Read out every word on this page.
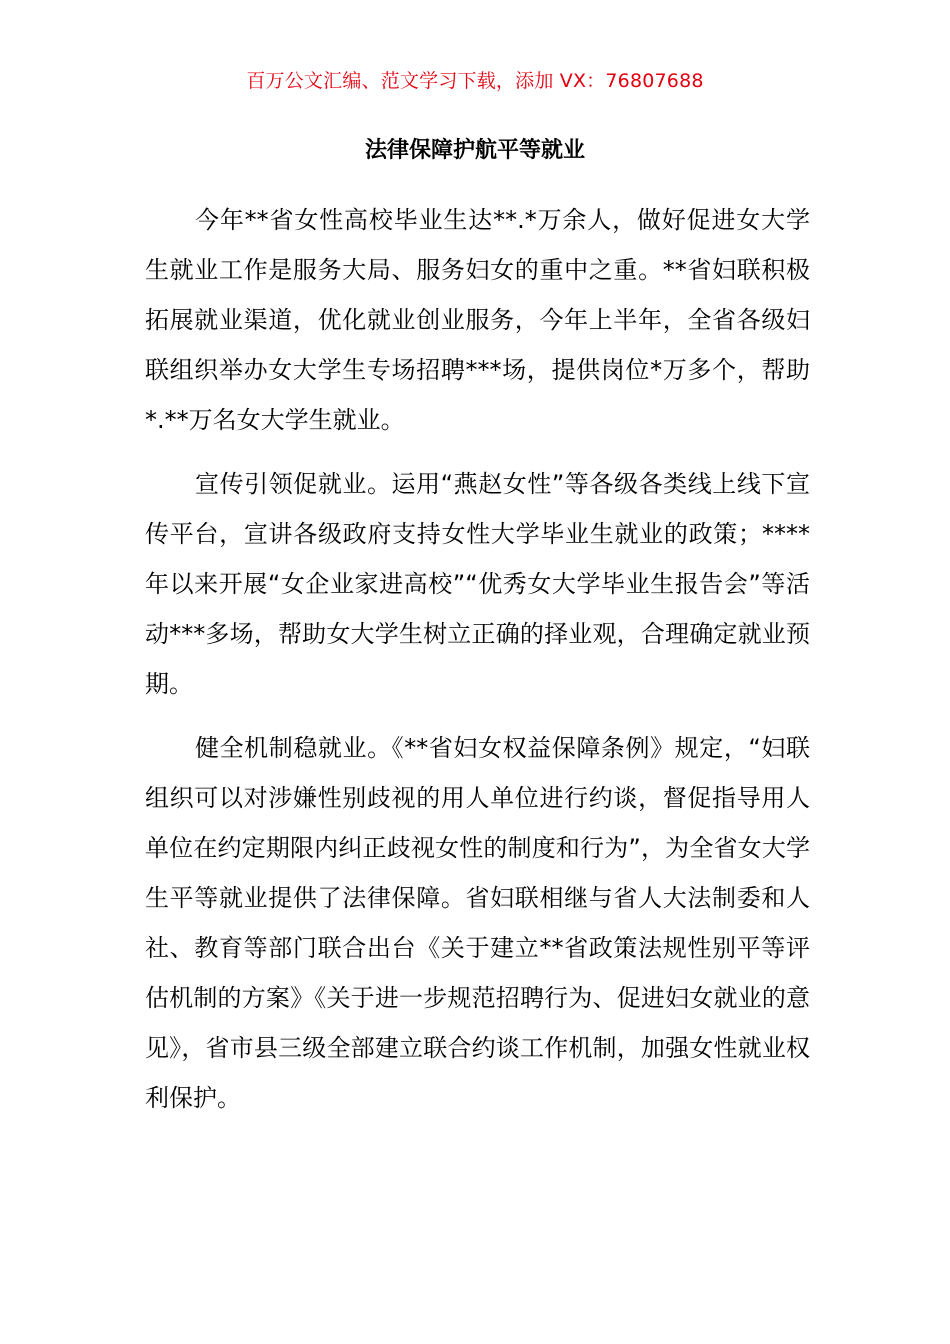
百万公文汇编、范文学习下载，添加 VX：76807688
法律保障护航平等就业

今年**省女性高校毕业生达**.*万余人，做好促进女大学生就业工作是服务大局、服务妇女的重中之重。**省妇联积极拓展就业渠道，优化就业创业服务，今年上半年，全省各级妇联组织举办女大学生专场招聘***场，提供岗位*万多个，帮助*.**万名女大学生就业。

宣传引领促就业。运用“燕赵女性”等各级各类线上线下宣传平台，宣讲各级政府支持女性大学毕业生就业的政策；****年以来开展“女企业家进高校”“优秀女大学毕业生报告会”等活动***多场，帮助女大学生树立正确的择业观，合理确定就业预期。

健全机制稳就业。《**省妇女权益保障条例》规定，“妇联组织可以对涉嫌性别歧视的用人单位进行约谈，督促指导用人单位在约定期限内纠正歧视女性的制度和行为”，为全省女大学生平等就业提供了法律保障。省妇联相继与省人大法制委和人社、教育等部门联合出台《关于建立**省政策法规性别平等评估机制的方案》《关于进一步规范招聘行为、促进妇女就业的意见》，省市县三级全部建立联合约谈工作机制，加强女性就业权利保护。
